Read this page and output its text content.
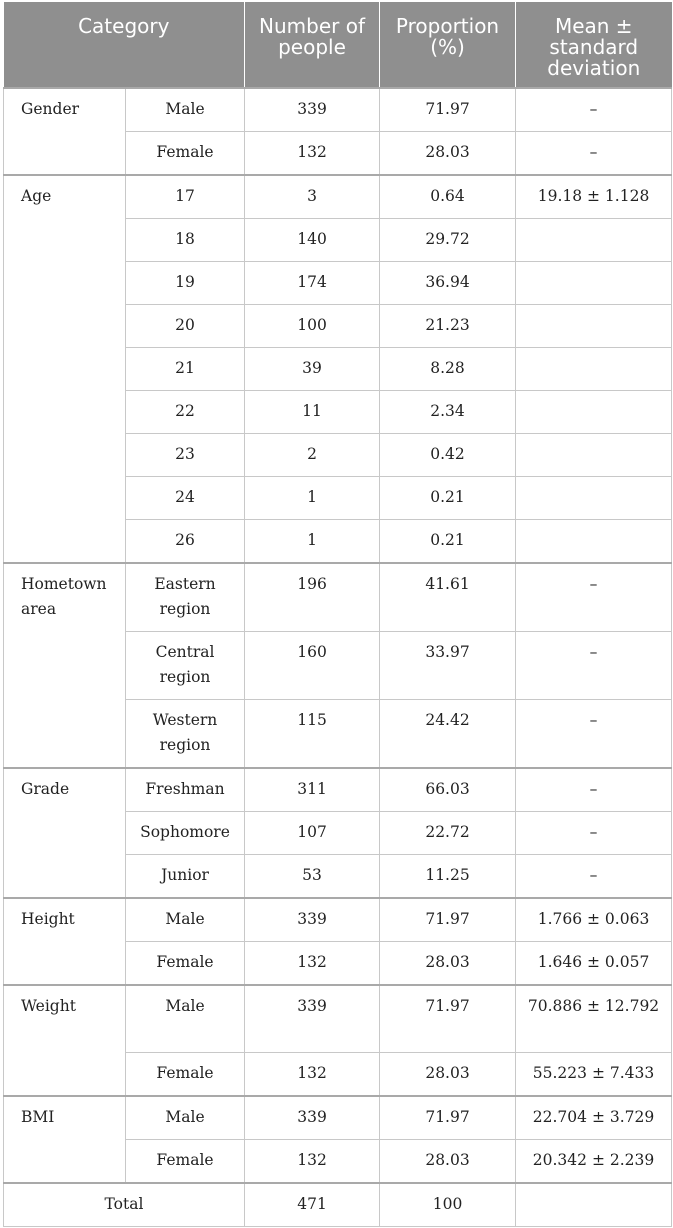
Category		Number of people	Proportion (%)	Mean ± standard deviation
Gender	Male	339	71.97	–
	Female	132	28.03	–
Age	17	3	0.64	19.18 ± 1.128
	18	140	29.72	
	19	174	36.94	
	20	100	21.23	
	21	39	8.28	
	22	11	2.34	
	23	2	0.42	
	24	1	0.21	
	26	1	0.21	
Hometown area	Eastern region	196	41.61	–
	Central region	160	33.97	–
	Western region	115	24.42	–
Grade	Freshman	311	66.03	–
	Sophomore	107	22.72	–
	Junior	53	11.25	–
Height	Male	339	71.97	1.766 ± 0.063
	Female	132	28.03	1.646 ± 0.057
Weight	Male	339	71.97	70.886 ± 12.792
	Female	132	28.03	55.223 ± 7.433
BMI	Male	339	71.97	22.704 ± 3.729
	Female	132	28.03	20.342 ± 2.239
Total		471	100	
